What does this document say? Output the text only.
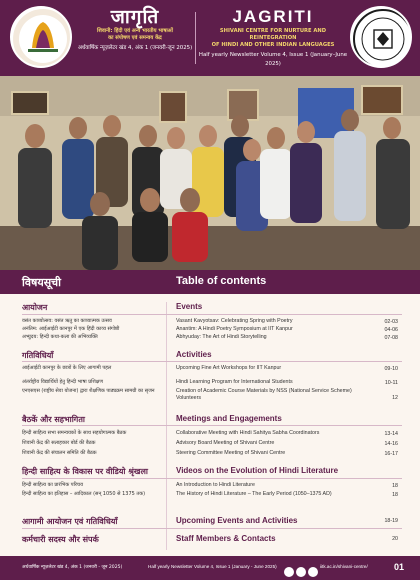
जागृति
शिवानी: हिंदी एवं अन्य भारतीय भाषाओं
का संपोषण एवं समन्वय केंद्र
अर्धवार्षिक न्यूज़लेटर खंड 4, अंक 1 (जनवरी-जून 2025)
JAGRITI
SHIVANI CENTRE FOR NURTURE AND REINTEGRATION
OF HINDI AND OTHER INDIAN LANGUAGES
Half yearly Newsletter Volume 4, Issue 1 (January–June 2025)
विषयसूची	Table of contents
आयोजन	Events
वसंत काव्योत्सव: वसंत ऋतु का काव्यात्मक उत्सव	Vasant Kavyotsav: Celebrating Spring with Poetry	02-03
अनंतिम: आईआईटी कानपुर में एक हिंदी काव्य संगोष्ठी	Anantim: A Hindi Poetry Symposium at IIT Kanpur	04-06
अभ्युदय: हिन्दी कथा-कला की अभिव्यक्ति	Abhyuday: The Art of Hindi Storytelling	07-08
गतिविधियाँ	Activities
आईआईटी कानपुर के छात्रों के लिए आगामी पहल	Upcoming Fine Art Workshops for IIT Kanpur	09-10
अंतर्राष्ट्रीय विद्यार्थियों हेतु हिन्दी भाषा प्रशिक्षण	Hindi Learning Program for International Students	10-11
एनएसएस (राष्ट्रीय सेवा योजना) द्वारा शैक्षणिक पाठ्यक्रम सामग्री का सृजन	Creation of Academic Course Materials by NSS (National Service Scheme) Volunteers	12
बैठकें और सहभागिता	Meetings and Engagements
हिन्दी साहित्य सभा समन्वयकों के साथ सहयोगात्मक बैठक	Collaborative Meeting with Hindi Sahitya Sabha Coordinators	13-14
शिवानी केंद्र की सलाहकार बोर्ड की बैठक	Advisory Board Meeting of Shivani Centre	14-16
शिवानी केंद्र की संचालन समिति की बैठक	Steering Committee Meeting of Shivani Centre	16-17
हिन्दी साहित्य के विकास पर वीडियो श्रृंखला	Videos on the Evolution of Hindi Literature
हिन्दी साहित्य का प्रारंभिक परिचय	An Introduction to Hindi Literature	18
हिन्दी साहित्य का इतिहास – आदिकाल (सन् 1050 से 1375 तक)	The History of Hindi Literature – The Early Period (1050–1375 AD)	18
आगामी आयोजन एवं गतिविधियाँ	Upcoming Events and Activities	18-19
कर्मचारी सदस्य और संपर्क	Staff Members & Contacts	20
अर्धवार्षिक न्यूज़लेटर खंड 4, अंक 1 (जनवरी - जून 2025)	Half yearly Newsletter Volume 4, Issue 1 (January - June 2025)	iitk.ac.in/shivani-centre/	01
